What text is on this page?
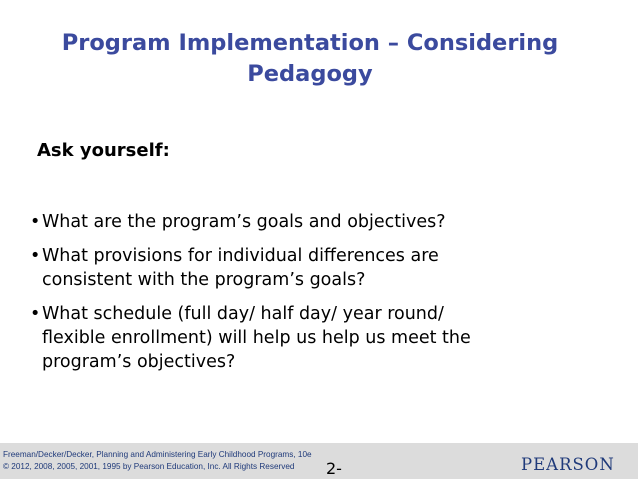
Program Implementation – Considering
Pedagogy

Ask yourself:

• What are the program’s goals and objectives?
• What provisions for individual differences are
consistent with the program’s goals?
• What schedule (full day/ half day/ year round/
flexible enrollment) will help us help us meet the
program’s objectives?
Freeman/Decker/Decker, Planning and Administering Early Childhood Programs, 10e
© 2012, 2008, 2005, 2001, 1995 by Pearson Education, Inc. All Rights Reserved	2-	PEARSON
